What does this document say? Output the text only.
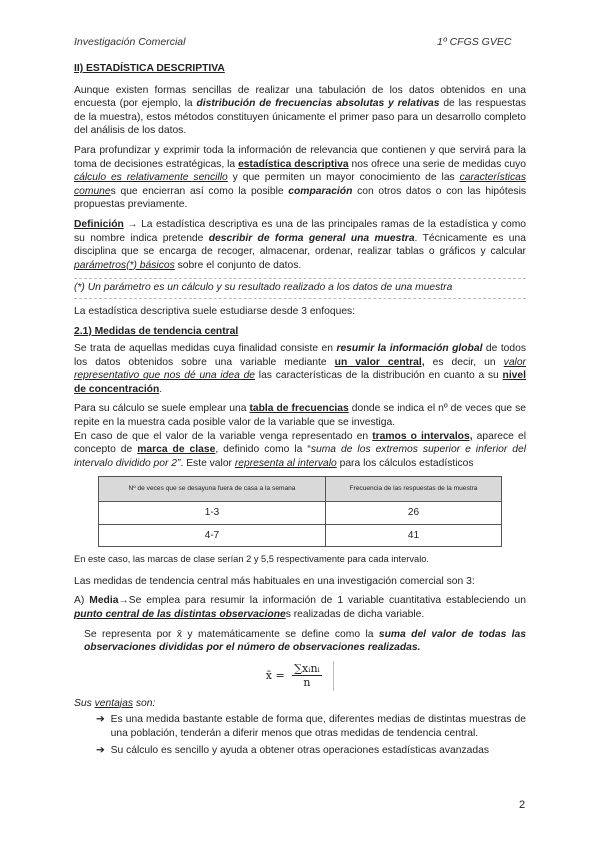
Investigación Comercial	1º CFGS GVEC
II) ESTADÍSTICA DESCRIPTIVA

Aunque existen formas sencillas de realizar una tabulación de los datos obtenidos en una encuesta (por ejemplo, la distribución de frecuencias absolutas y relativas de las respuestas de la muestra), estos métodos constituyen únicamente el primer paso para un desarrollo completo del análisis de los datos.

Para profundizar y exprimir toda la información de relevancia que contienen y que servirá para la toma de decisiones estratégicas, la estadística descriptiva nos ofrece una serie de medidas cuyo cálculo es relativamente sencillo y que permiten un mayor conocimiento de las características comunes que encierran así como la posible comparación con otros datos o con las hipótesis propuestas previamente.

Definición → La estadística descriptiva es una de las principales ramas de la estadística y como su nombre indica pretende describir de forma general una muestra. Técnicamente es una disciplina que se encarga de recoger, almacenar, ordenar, realizar tablas o gráficos y calcular parámetros(*) básicos sobre el conjunto de datos.

(*) Un parámetro es un cálculo y su resultado realizado a los datos de una muestra

La estadística descriptiva suele estudiarse desde 3 enfoques:

2.1) Medidas de tendencia central

Se trata de aquellas medidas cuya finalidad consiste en resumir la información global de todos los datos obtenidos sobre una variable mediante un valor central, es decir, un valor representativo que nos dé una idea de las características de la distribución en cuanto a su nivel de concentración.

Para su cálculo se suele emplear una tabla de frecuencias donde se indica el nº de veces que se repite en la muestra cada posible valor de la variable que se investiga.

En caso de que el valor de la variable venga representado en tramos o intervalos, aparece el concepto de marca de clase, definido como la “suma de los extremos superior e inferior del intervalo dividido por 2”. Este valor representa al intervalo para los cálculos estadísticos

Nº de veces que se desayuna fuera de casa a la semana	Frecuencia de las respuestas de la muestra
1-3	26
4-7	41

En este caso, las marcas de clase serían 2 y 5,5 respectivamente para cada intervalo.

Las medidas de tendencia central más habituales en una investigación comercial son 3:

A) Media→Se emplea para resumir la información de 1 variable cuantitativa estableciendo un punto central de las distintas observaciones realizadas de dicha variable.

Se representa por x̄ y matemáticamente se define como la suma del valor de todas las observaciones divididas por el número de observaciones realizadas.

x̄ = $\frac{\text{∑xᵢnᵢ}}{n}$

Sus ventajas son:

➔ Es una medida bastante estable de forma que, diferentes medias de distintas muestras de una población, tenderán a diferir menos que otras medidas de tendencia central.
➔ Su cálculo es sencillo y ayuda a obtener otras operaciones estadísticas avanzadas
2
